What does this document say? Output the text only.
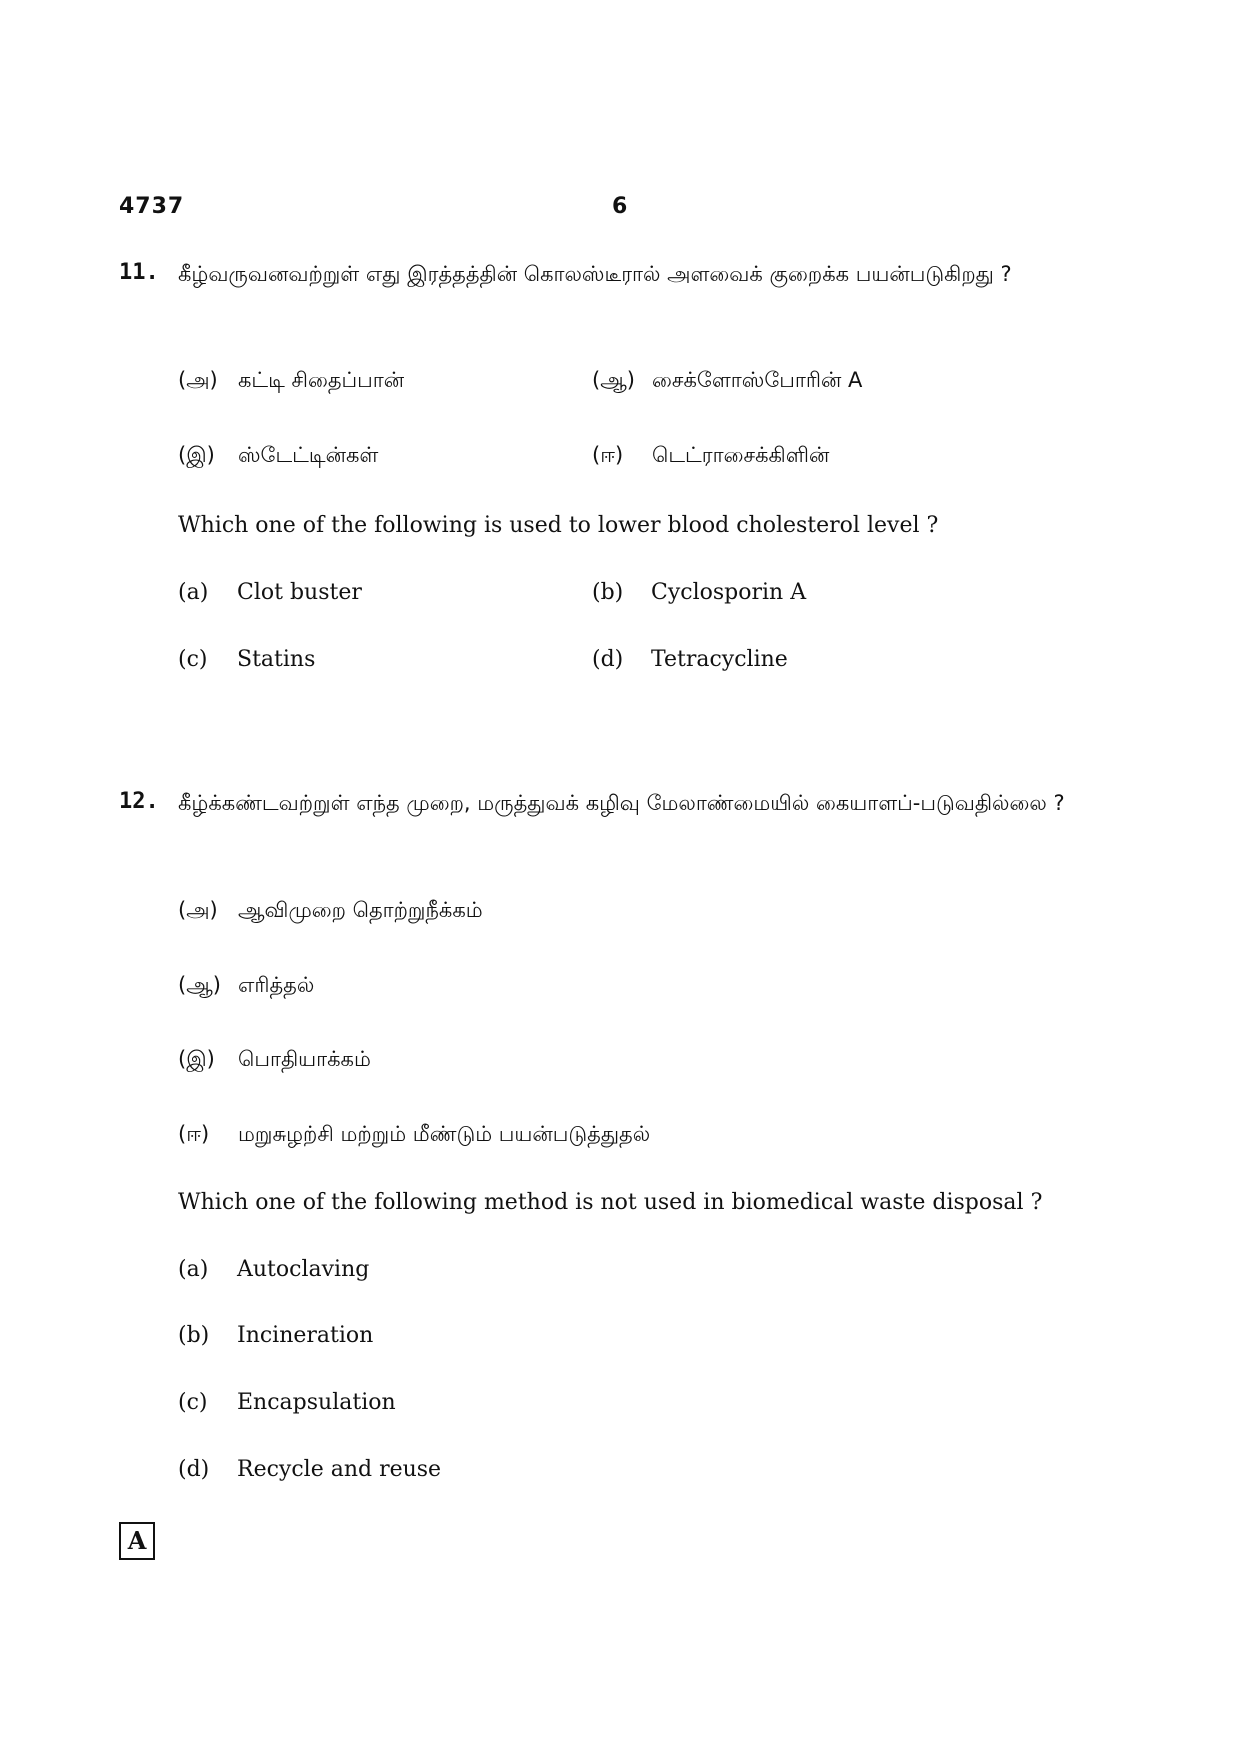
4737	6
11. கீழ்வருவனவற்றுள் எது இரத்தத்தின் கொலஸ்டீரால் அளவைக் குறைக்க பயன்படுகிறது ?
(அ) கட்டி சிதைப்பான்	(ஆ) சைக்ளோஸ்போரின் A
(இ) ஸ்டேட்டின்கள்	(ஈ) டெட்ராசைக்கிளின்
Which one of the following is used to lower blood cholesterol level ?
(a) Clot buster	(b) Cyclosporin A
(c) Statins	(d) Tetracycline
12. கீழ்க்கண்டவற்றுள் எந்த முறை, மருத்துவக் கழிவு மேலாண்மையில் கையாளப்-படுவதில்லை ?
(அ) ஆவிமுறை தொற்றுநீக்கம்
(ஆ) எரித்தல்
(இ) பொதியாக்கம்
(ஈ) மறுசுழற்சி மற்றும் மீண்டும் பயன்படுத்துதல்
Which one of the following method is not used in biomedical waste disposal ?
(a) Autoclaving
(b) Incineration
(c) Encapsulation
(d) Recycle and reuse
A
